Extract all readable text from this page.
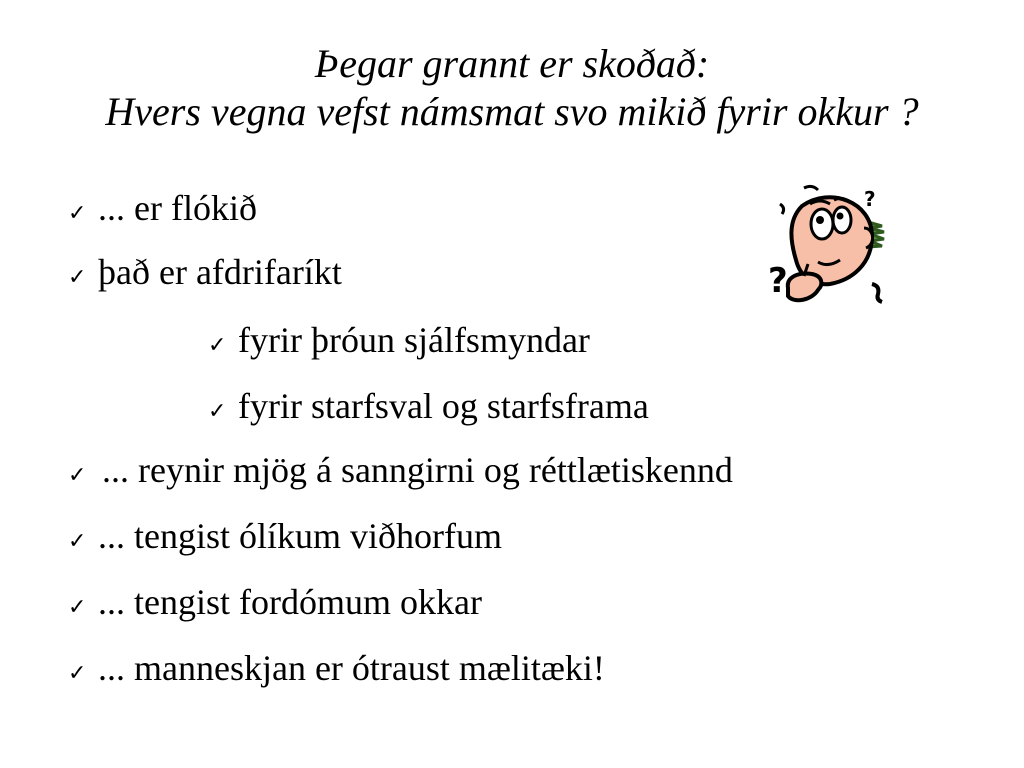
Þegar grannt er skoðað:
Hvers vegna vefst námsmat svo mikið fyrir okkur ?
✓ ... er flókið
✓ það er afdrifaríkt
✓ fyrir þróun sjálfsmyndar
✓ fyrir starfsval og starfsframa
✓ ... reynir mjög á sanngirni og réttlætiskennd
✓ ... tengist ólíkum viðhorfum
✓ ... tengist fordómum okkar
✓ ... manneskjan er ótraust mælitæki!
?
?
